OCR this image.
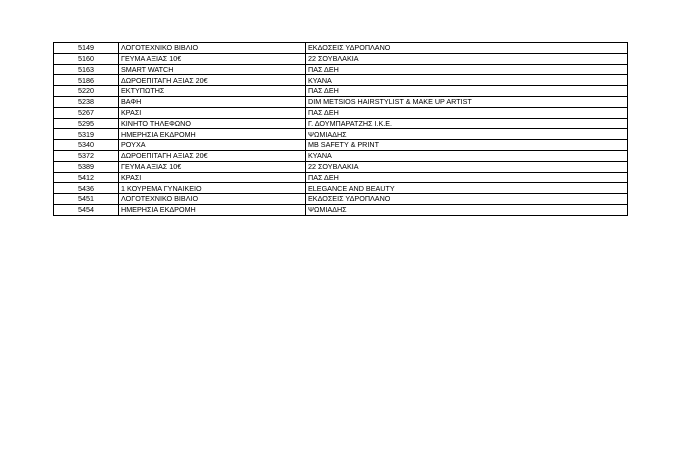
5149	ΛΟΓΟΤΕΧΝΙΚΟ ΒΙΒΛΙΟ	ΕΚΔΟΣΕΙΣ ΥΔΡΟΠΛΑΝΟ
5160	ΓΕΥΜΑ ΑΞΙΑΣ 10€	22 ΣΟΥΒΛΑΚΙΑ
5163	SMART WATCH	ΠΑΣ ΔΕΗ
5186	ΔΩΡΟΕΠΙΤΑΓΗ ΑΞΙΑΣ 20€	ΚΥΑΝΑ
5220	ΕΚΤΥΠΩΤΗΣ	ΠΑΣ ΔΕΗ
5238	ΒΑΦΗ	DIM METSIOS HAIRSTYLIST & MAKE UP ARTIST
5267	ΚΡΑΣΙ	ΠΑΣ ΔΕΗ
5295	ΚΙΝΗΤΟ ΤΗΛΕΦΩΝΟ	Γ. ΔΟΥΜΠΑΡΑΤΖΗΣ Ι.Κ.Ε.
5319	ΗΜΕΡΗΣΙΑ ΕΚΔΡΟΜΗ	ΨΩΜΙΑΔΗΣ
5340	ΡΟΥΧΑ	MB SAFETY & PRINT
5372	ΔΩΡΟΕΠΙΤΑΓΗ ΑΞΙΑΣ 20€	ΚΥΑΝΑ
5389	ΓΕΥΜΑ ΑΞΙΑΣ 10€	22 ΣΟΥΒΛΑΚΙΑ
5412	ΚΡΑΣΙ	ΠΑΣ ΔΕΗ
5436	1 ΚΟΥΡΕΜΑ ΓΥΝΑΙΚΕΙΟ	ELEGANCE AND BEAUTY
5451	ΛΟΓΟΤΕΧΝΙΚΟ ΒΙΒΛΙΟ	ΕΚΔΟΣΕΙΣ ΥΔΡΟΠΛΑΝΟ
5454	ΗΜΕΡΗΣΙΑ ΕΚΔΡΟΜΗ	ΨΩΜΙΑΔΗΣ
